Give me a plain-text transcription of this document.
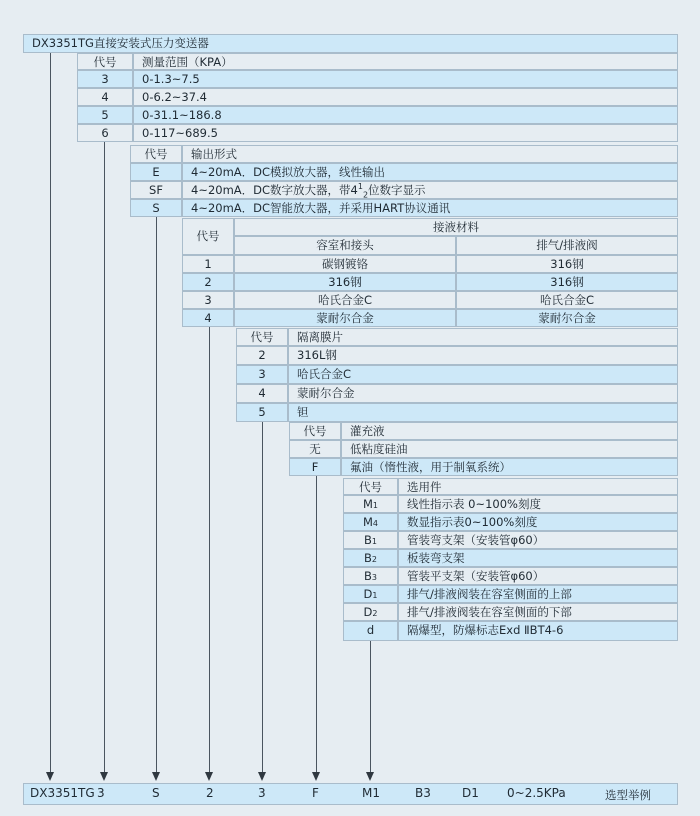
DX3351TG直接安装式压力变送器
代号	测量范围（KPA）
3	0-1.3~7.5
4	0-6.2~37.4
5	0-31.1~186.8
6	0-117~689.5
代号	输出形式
E	4~20mA．DC模拟放大器，线性输出
SF	4~20mA．DC数字放大器，带$4^1_2$位数字显示
S	4~20mA．DC智能放大器，并采用HART协议通讯
代号
接液材料
容室和接头	排气/排液阀
1	碳钢镀铬	316钢
2	316钢	316钢
3	哈氏合金C	哈氏合金C
4	蒙耐尔合金	蒙耐尔合金
代号	隔离膜片
2	316L钢
3	哈氏合金C
4	蒙耐尔合金
5	钽
代号	灌充液
无	低粘度硅油
F	氟油（惰性液，用于制氧系统）
代号	选用件
M1	线性指示表 0~100%刻度
M4	数显指示表0~100%刻度
B1	管装弯支架（安装管φ60）
B2	板装弯支架
B3	管装平支架（安装管φ60）
D1	排气/排液阀装在容室侧面的上部
D2	排气/排液阀装在容室侧面的下部
d	隔爆型，防爆标志Exd ⅡBT4-6
DX3351TG 3	S	2	3	F	M1	B3	D1 0~2.5KPa	选型举例
